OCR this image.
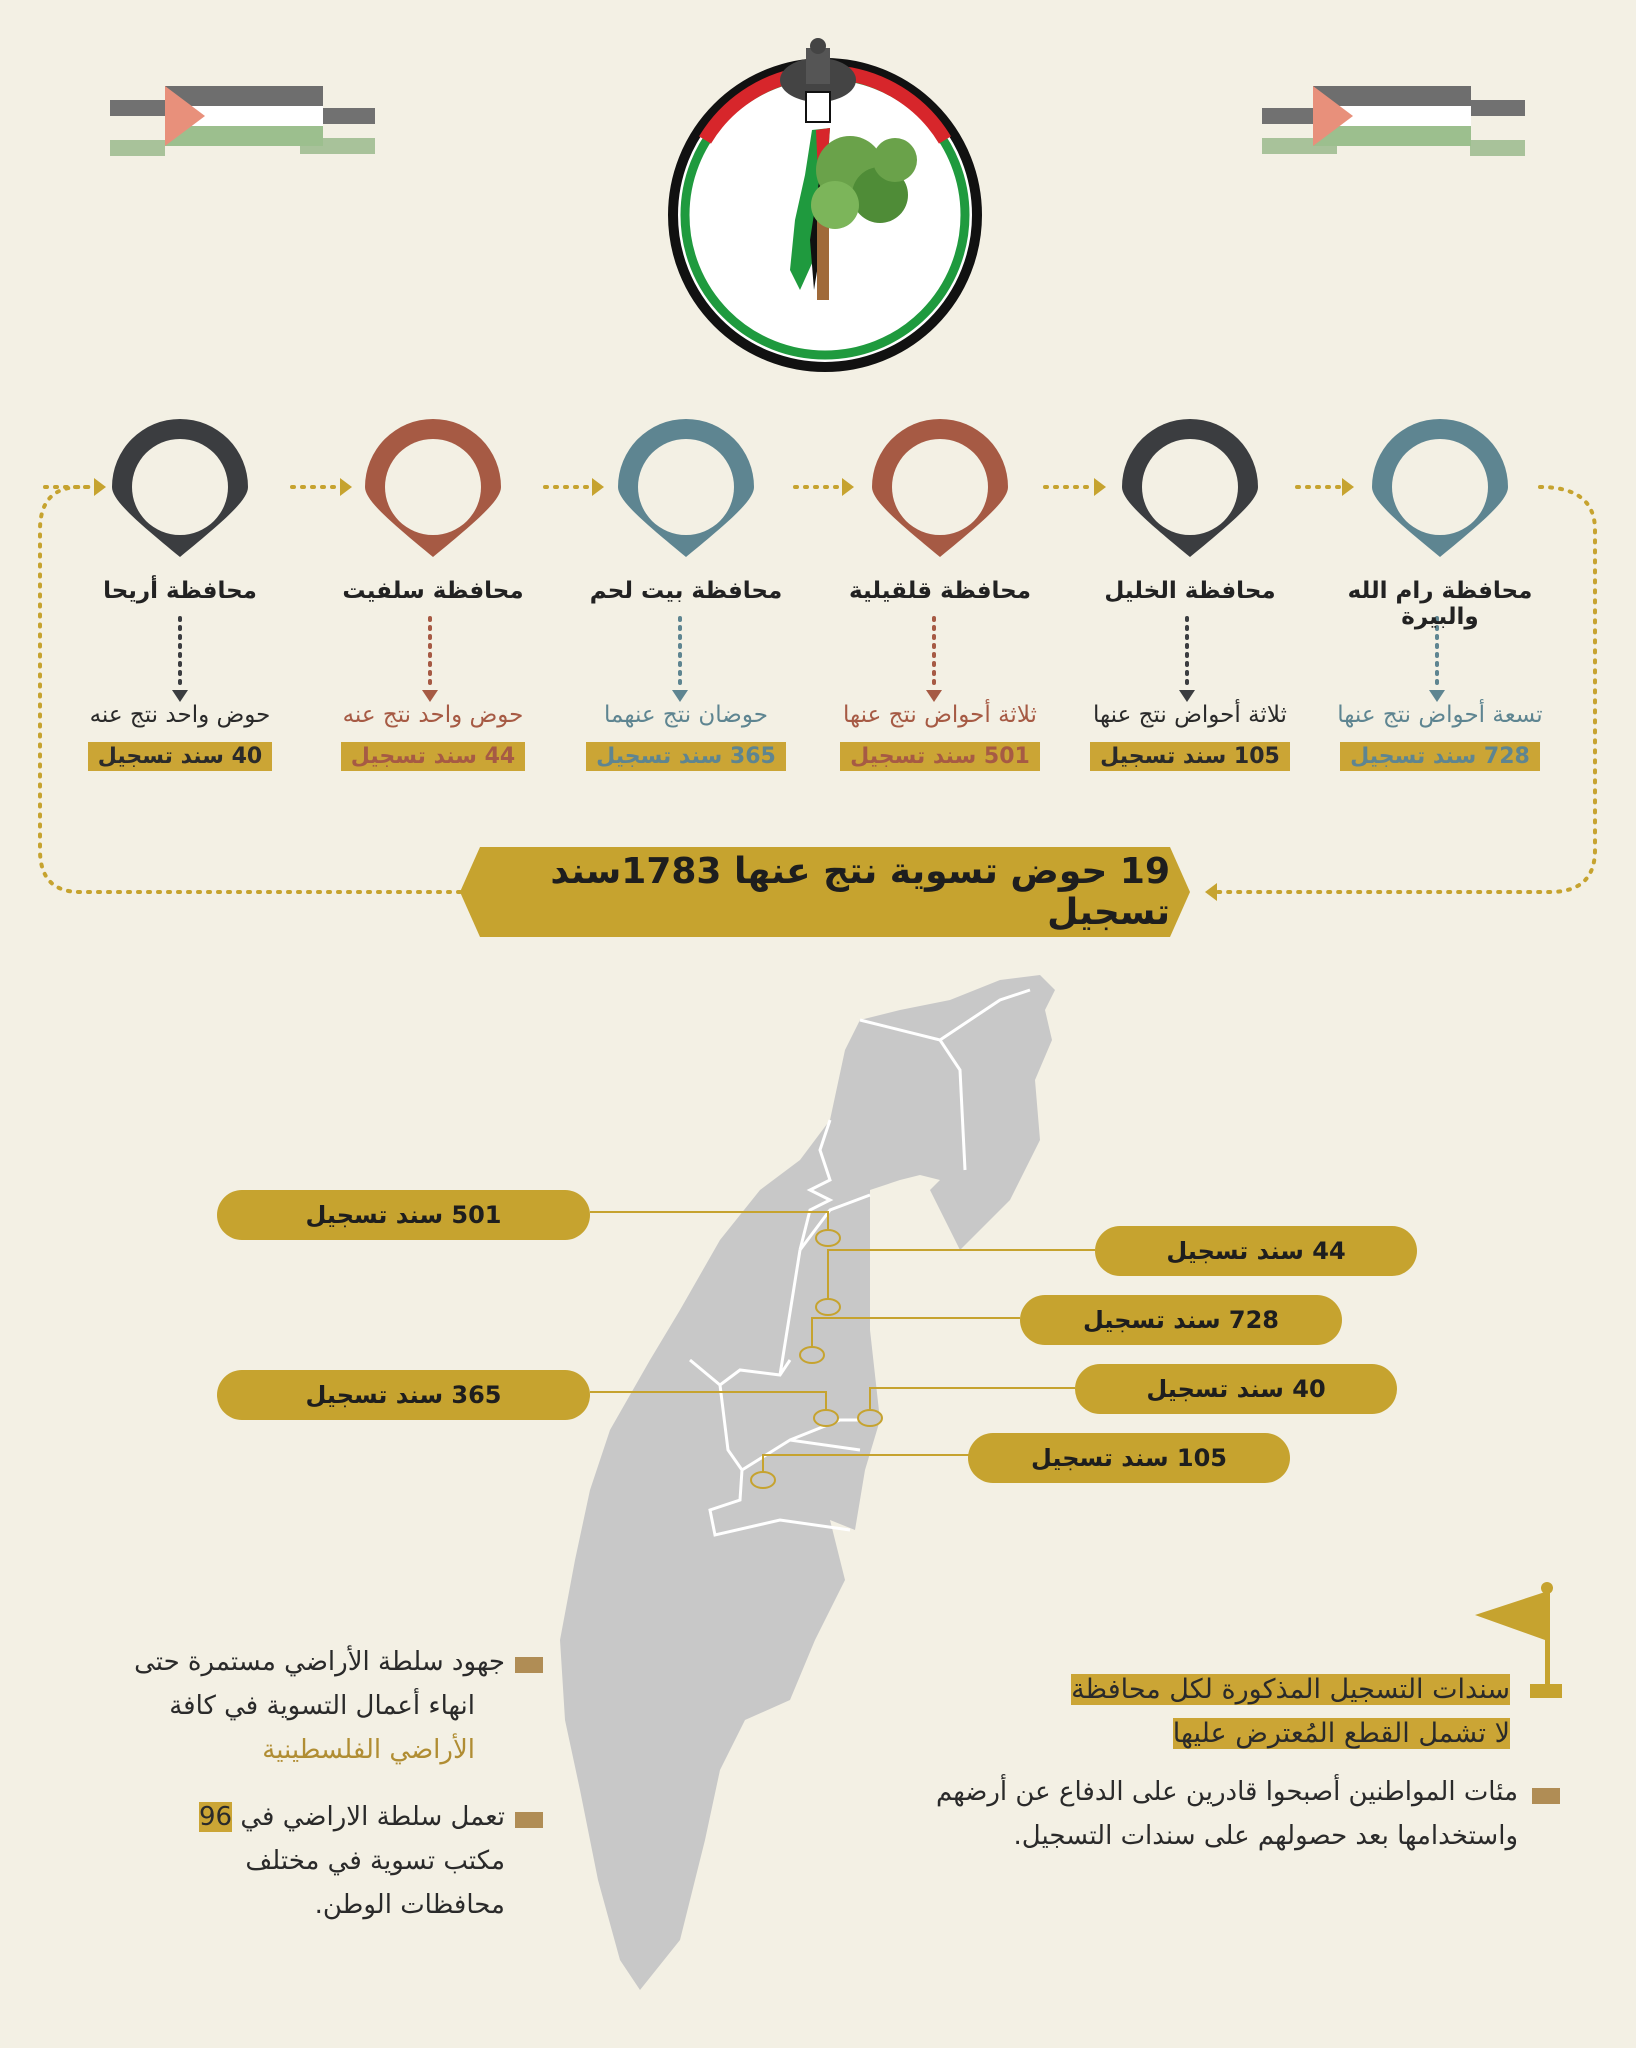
محافظة رام الله والبيرة
محافظة الخليل
محافظة قلقيلية
محافظة بيت لحم
محافظة سلفيت
محافظة أريحا
تسعة أحواض نتج عنها
ثلاثة أحواض نتج عنها
ثلاثة أحواض نتج عنها
حوضان نتج عنهما
حوض واحد نتج عنه
حوض واحد نتج عنه
728 سند تسجيل
105 سند تسجيل
501 سند تسجيل
365 سند تسجيل
44 سند تسجيل
40 سند تسجيل
19 حوض تسوية نتج عنها 1783سند تسجيل
501 سند تسجيل
44 سند تسجيل
728 سند تسجيل
365 سند تسجيل	40 سند تسجيل
105 سند تسجيل
جهود سلطة الأراضي مستمرة حتى
انهاء أعمال التسوية في كافة
الأراضي الفلسطينية
تعمل سلطة الاراضي في 96
مكتب تسوية في مختلف
محافظات الوطن.
سندات التسجيل المذكورة لكل محافظة
لا تشمل القطع المُعترض عليها
مئات المواطنين أصبحوا قادرين على الدفاع عن أرضهم
واستخدامها بعد حصولهم على سندات التسجيل.
